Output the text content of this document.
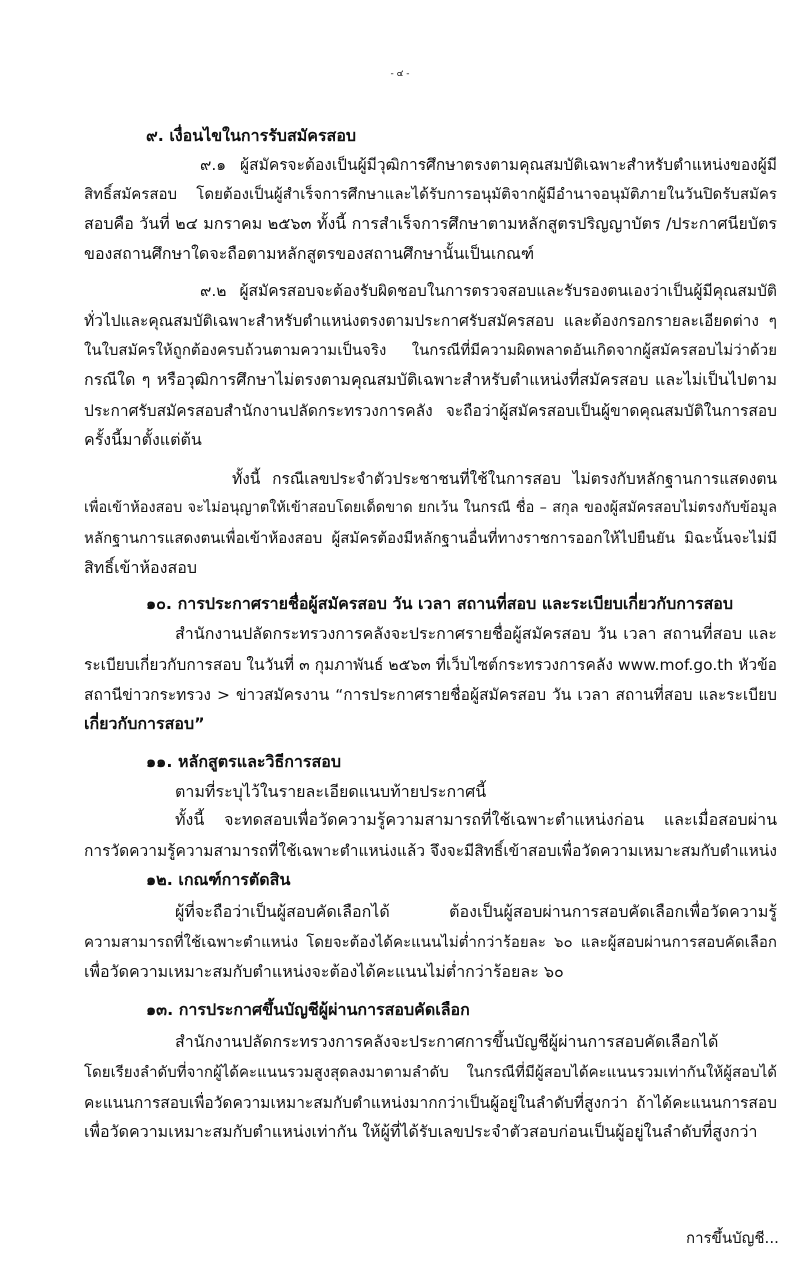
- ๔ -
๙. เงื่อนไขในการรับสมัครสอบ
๙.๑ ผู้สมัครจะต้องเป็นผู้มีวุฒิการศึกษาตรงตามคุณสมบัติเฉพาะสำหรับตำแหน่งของผู้มี
สิทธิ์สมัครสอบ โดยต้องเป็นผู้สำเร็จการศึกษาและได้รับการอนุมัติจากผู้มีอำนาจอนุมัติภายในวันปิดรับสมัคร
สอบคือ วันที่ ๒๔ มกราคม ๒๕๖๓ ทั้งนี้ การสำเร็จการศึกษาตามหลักสูตรปริญญาบัตร /ประกาศนียบัตร
ของสถานศึกษาใดจะถือตามหลักสูตรของสถานศึกษานั้นเป็นเกณฑ์
๙.๒ ผู้สมัครสอบจะต้องรับผิดชอบในการตรวจสอบและรับรองตนเองว่าเป็นผู้มีคุณสมบัติ
ทั่วไปและคุณสมบัติเฉพาะสำหรับตำแหน่งตรงตามประกาศรับสมัครสอบ และต้องกรอกรายละเอียดต่าง ๆ
ในใบสมัครให้ถูกต้องครบถ้วนตามความเป็นจริง ในกรณีที่มีความผิดพลาดอันเกิดจากผู้สมัครสอบไม่ว่าด้วย
กรณีใด ๆ หรือวุฒิการศึกษาไม่ตรงตามคุณสมบัติเฉพาะสำหรับตำแหน่งที่สมัครสอบ และไม่เป็นไปตาม
ประกาศรับสมัครสอบสำนักงานปลัดกระทรวงการคลัง จะถือว่าผู้สมัครสอบเป็นผู้ขาดคุณสมบัติในการสอบ
ครั้งนี้มาตั้งแต่ต้น
ทั้งนี้ กรณีเลขประจำตัวประชาชนที่ใช้ในการสอบ ไม่ตรงกับหลักฐานการแสดงตน
เพื่อเข้าห้องสอบ จะไม่อนุญาตให้เข้าสอบโดยเด็ดขาด ยกเว้น ในกรณี ชื่อ – สกุล ของผู้สมัครสอบไม่ตรงกับข้อมูล
หลักฐานการแสดงตนเพื่อเข้าห้องสอบ ผู้สมัครต้องมีหลักฐานอื่นที่ทางราชการออกให้ไปยืนยัน มิฉะนั้นจะไม่มี
สิทธิ์เข้าห้องสอบ
๑๐. การประกาศรายชื่อผู้สมัครสอบ วัน เวลา สถานที่สอบ และระเบียบเกี่ยวกับการสอบ
สำนักงานปลัดกระทรวงการคลังจะประกาศรายชื่อผู้สมัครสอบ วัน เวลา สถานที่สอบ และ
ระเบียบเกี่ยวกับการสอบ ในวันที่ ๓ กุมภาพันธ์ ๒๕๖๓ ที่เว็บไซต์กระทรวงการคลัง www.mof.go.th หัวข้อ
สถานีข่าวกระทรวง > ข่าวสมัครงาน “การประกาศรายชื่อผู้สมัครสอบ วัน เวลา สถานที่สอบ และระเบียบ
เกี่ยวกับการสอบ”
๑๑. หลักสูตรและวิธีการสอบ
ตามที่ระบุไว้ในรายละเอียดแนบท้ายประกาศนี้
ทั้งนี้ จะทดสอบเพื่อวัดความรู้ความสามารถที่ใช้เฉพาะตำแหน่งก่อน และเมื่อสอบผ่าน
การวัดความรู้ความสามารถที่ใช้เฉพาะตำแหน่งแล้ว จึงจะมีสิทธิ์เข้าสอบเพื่อวัดความเหมาะสมกับตำแหน่ง
๑๒. เกณฑ์การตัดสิน
ผู้ที่จะถือว่าเป็นผู้สอบคัดเลือกได้ ต้องเป็นผู้สอบผ่านการสอบคัดเลือกเพื่อวัดความรู้
ความสามารถที่ใช้เฉพาะตำแหน่ง โดยจะต้องได้คะแนนไม่ต่ำกว่าร้อยละ ๖๐ และผู้สอบผ่านการสอบคัดเลือก
เพื่อวัดความเหมาะสมกับตำแหน่งจะต้องได้คะแนนไม่ต่ำกว่าร้อยละ ๖๐
๑๓. การประกาศขึ้นบัญชีผู้ผ่านการสอบคัดเลือก
สำนักงานปลัดกระทรวงการคลังจะประกาศการขึ้นบัญชีผู้ผ่านการสอบคัดเลือกได้
โดยเรียงลำดับที่จากผู้ได้คะแนนรวมสูงสุดลงมาตามลำดับ ในกรณีที่มีผู้สอบได้คะแนนรวมเท่ากันให้ผู้สอบได้
คะแนนการสอบเพื่อวัดความเหมาะสมกับตำแหน่งมากกว่าเป็นผู้อยู่ในลำดับที่สูงกว่า ถ้าได้คะแนนการสอบ
เพื่อวัดความเหมาะสมกับตำแหน่งเท่ากัน ให้ผู้ที่ได้รับเลขประจำตัวสอบก่อนเป็นผู้อยู่ในลำดับที่สูงกว่า
การขึ้นบัญชี...
